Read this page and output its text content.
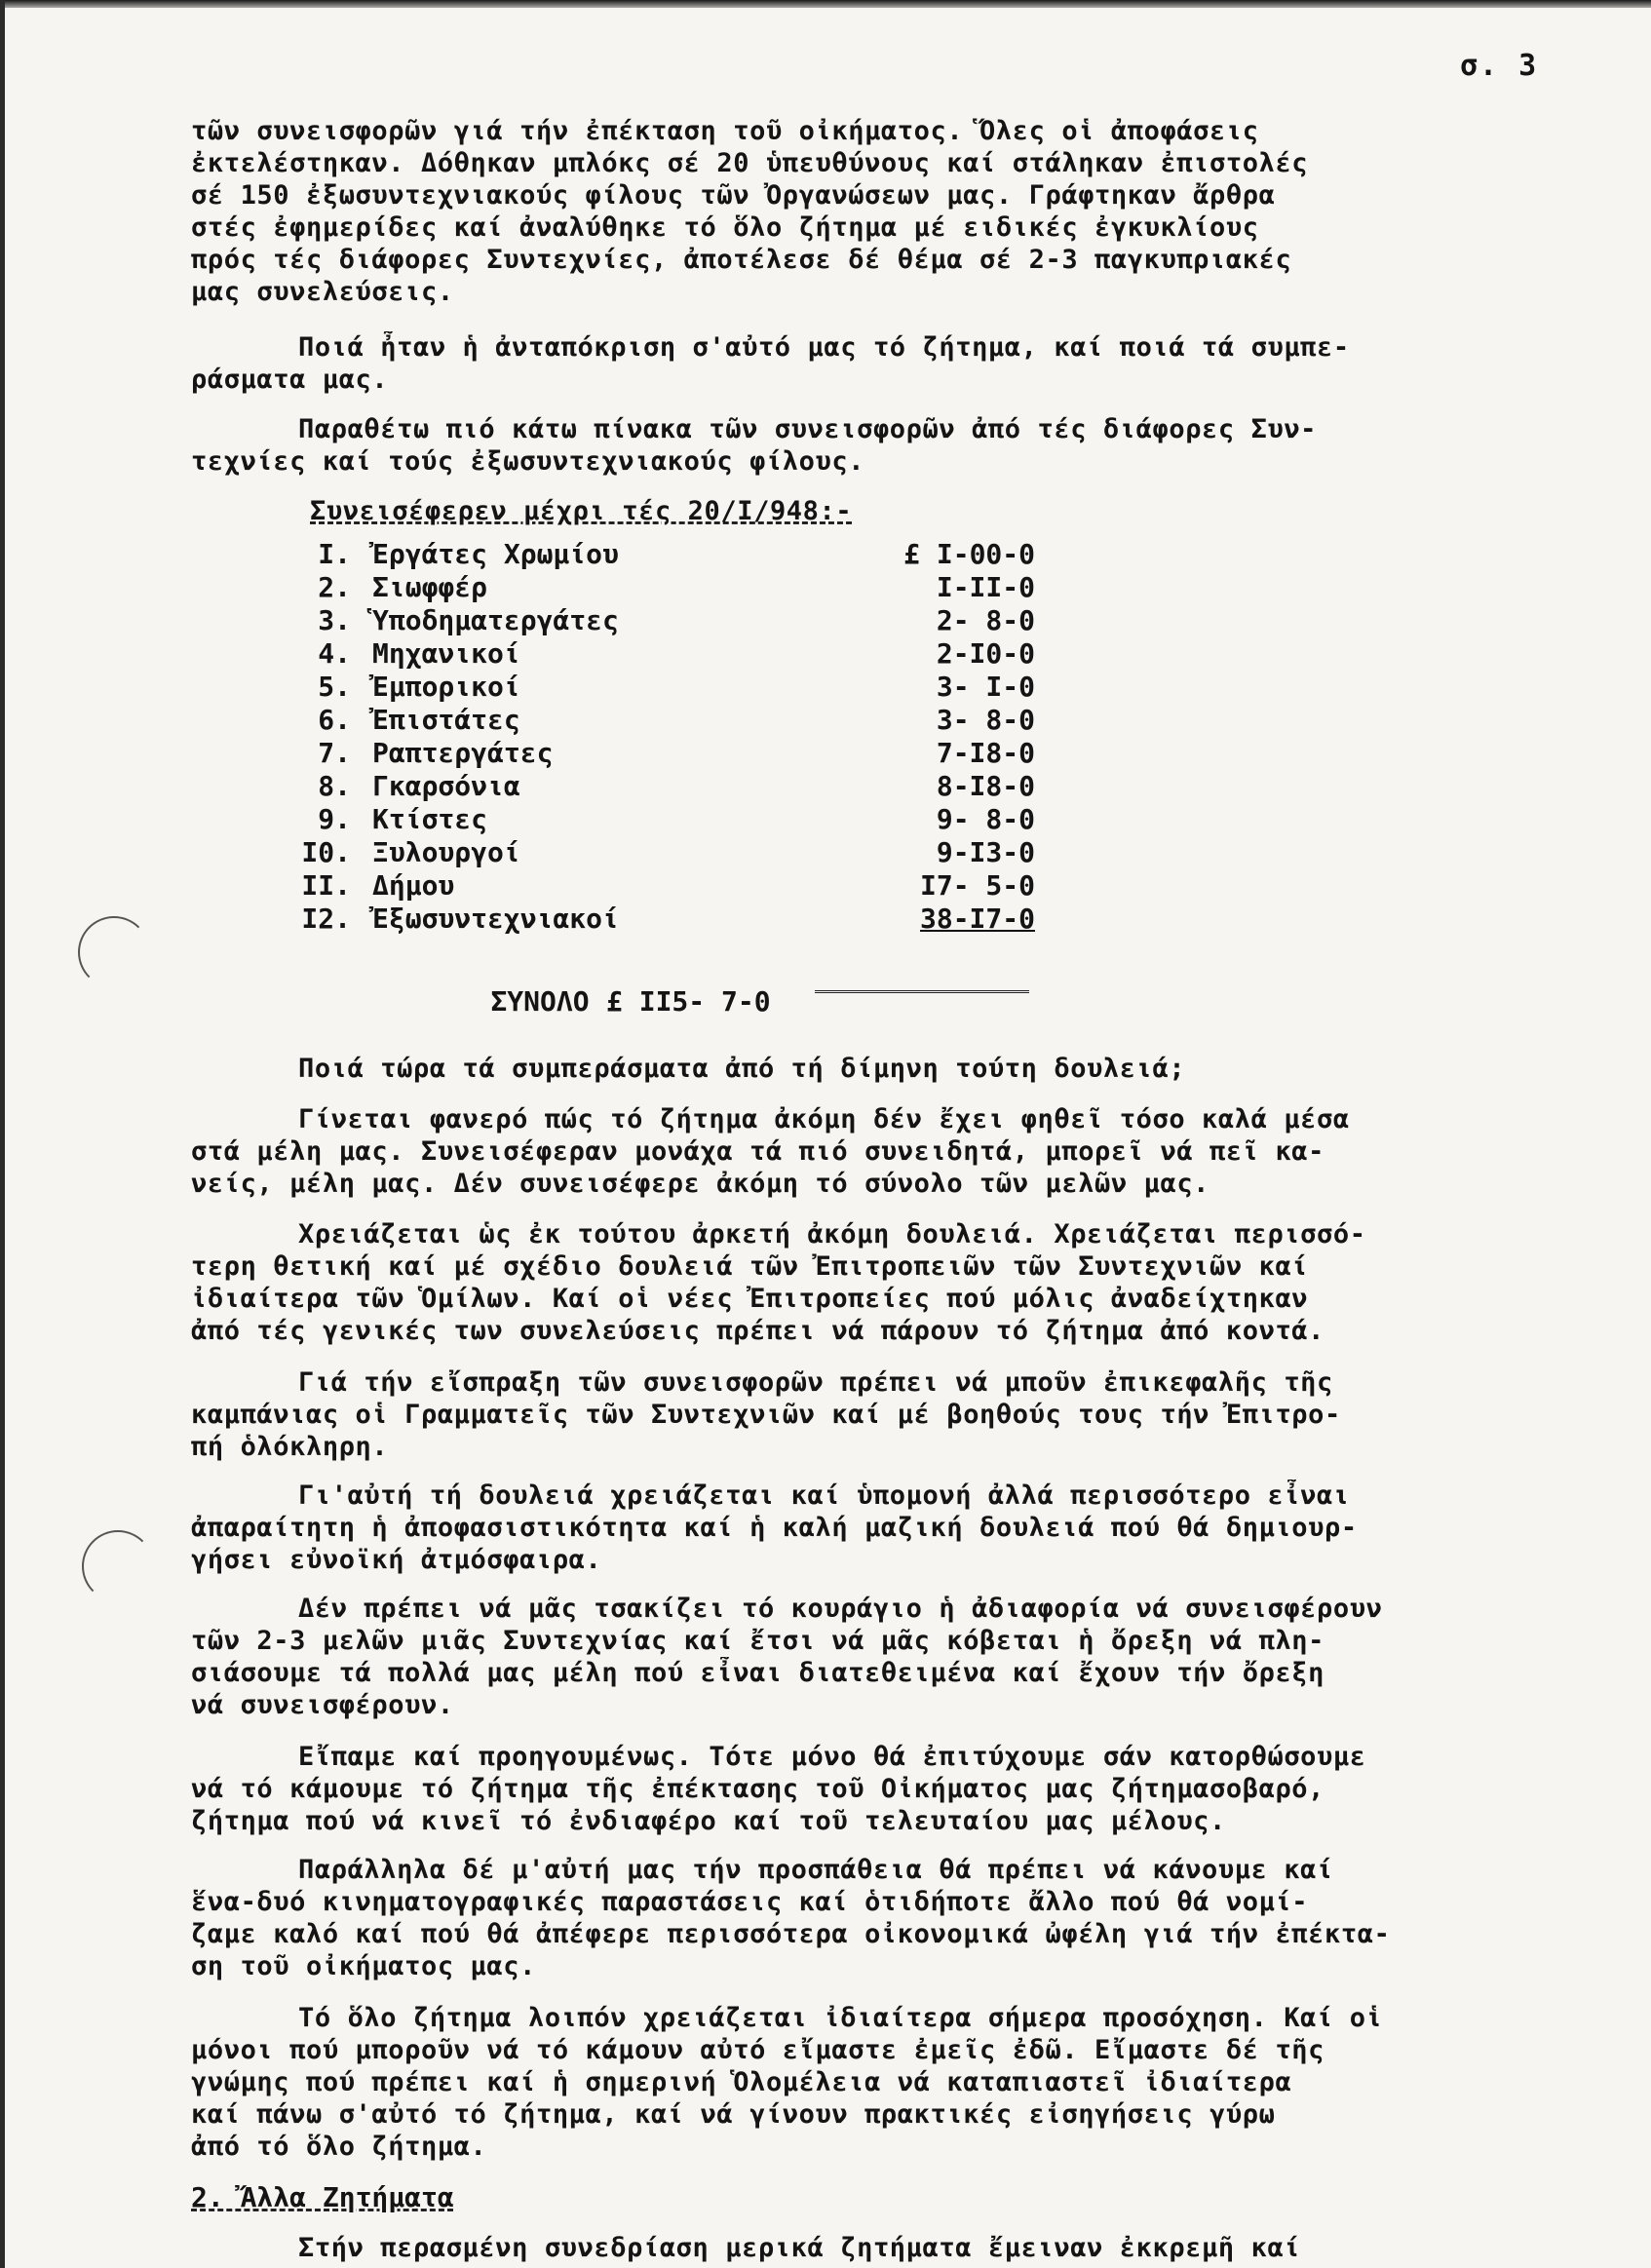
σ. 3
τῶν συνεισφορῶν γιά τήν ἐπέκταση τοῦ οἰκήματος. Ὅλες οἱ ἀποφάσεις
ἐκτελέστηκαν. Δόθηκαν μπλόκς σέ 20 ὑπευθύνους καί στάληκαν ἐπιστολές
σέ 150 ἐξωσυντεχνιακούς φίλους τῶν Ὀργανώσεων μας. Γράφτηκαν ἄρθρα
στές ἐφημερίδες καί ἀναλύθηκε τό ὅλο ζήτημα μέ ειδικές ἐγκυκλίους
πρός τές διάφορες Συντεχνίες, ἀποτέλεσε δέ θέμα σέ 2-3 παγκυπριακές
μας συνελεύσεις.
Ποιά ἦταν ἡ ἀνταπόκριση σ'αὐτό μας τό ζήτημα, καί ποιά τά συμπε-
ράσματα μας.
Παραθέτω πιό κάτω πίνακα τῶν συνεισφορῶν ἀπό τές διάφορες Συν-
τεχνίες καί τούς ἐξωσυντεχνιακούς φίλους.
Συνεισέφερεν μέχρι τές 20/I/948:-
I. Ἐργάτες Χρωμίου	£ I-00-0
2. Σιωφφέρ	I-II-0
3. Ὑποδηματεργάτες	2- 8-0
4. Μηχανικοί	2-I0-0
5. Ἐμπορικοί	3- I-0
6. Ἐπιστάτες	3- 8-0
7. Ραπτεργάτες	7-I8-0
8. Γκαρσόνια	8-I8-0
9. Κτίστες	9- 8-0
I0. Ξυλουργοί	9-I3-0
II. Δήμου	I7- 5-0
I2. Ἐξωσυντεχνιακοί	38-I7-0

ΣΥΝΟΛΟ £ II5- 7-0

Ποιά τώρα τά συμπεράσματα ἀπό τή δίμηνη τούτη δουλειά;
Γίνεται φανερό πώς τό ζήτημα ἀκόμη δέν ἔχει φηθεῖ τόσο καλά μέσα
στά μέλη μας. Συνεισέφεραν μονάχα τά πιό συνειδητά, μπορεῖ νά πεῖ κα-
νείς, μέλη μας. Δέν συνεισέφερε ἀκόμη τό σύνολο τῶν μελῶν μας.
Χρειάζεται ὡς ἐκ τούτου ἀρκετή ἀκόμη δουλειά. Χρειάζεται περισσό-
τερη θετική καί μέ σχέδιο δουλειά τῶν Ἐπιτροπειῶν τῶν Συντεχνιῶν καί
ἰδιαίτερα τῶν Ὁμίλων. Καί οἱ νέες Ἐπιτροπείες πού μόλις ἀναδείχτηκαν
ἀπό τές γενικές των συνελεύσεις πρέπει νά πάρουν τό ζήτημα ἀπό κοντά.
Γιά τήν εἴσπραξη τῶν συνεισφορῶν πρέπει νά μποῦν ἐπικεφαλῆς τῆς
καμπάνιας οἱ Γραμματεῖς τῶν Συντεχνιῶν καί μέ βοηθούς τους τήν Ἐπιτρο-
πή ὁλόκληρη.
Γι'αὐτή τή δουλειά χρειάζεται καί ὑπομονή ἀλλά περισσότερο εἶναι
ἀπαραίτητη ἡ ἀποφασιστικότητα καί ἡ καλή μαζική δουλειά πού θά δημιουρ-
γήσει εὐνοϊκή ἀτμόσφαιρα.
Δέν πρέπει νά μᾶς τσακίζει τό κουράγιο ἡ ἀδιαφορία νά συνεισφέρουν
τῶν 2-3 μελῶν μιᾶς Συντεχνίας καί ἔτσι νά μᾶς κόβεται ἡ ὄρεξη νά πλη-
σιάσουμε τά πολλά μας μέλη πού εἶναι διατεθειμένα καί ἔχουν τήν ὄρεξη
νά συνεισφέρουν.
Εἴπαμε καί προηγουμένως. Τότε μόνο θά ἐπιτύχουμε σάν κατορθώσουμε
νά τό κάμουμε τό ζήτημα τῆς ἐπέκτασης τοῦ Οἰκήματος μας ζήτημασοβαρό,
ζήτημα πού νά κινεῖ τό ἐνδιαφέρο καί τοῦ τελευταίου μας μέλους.
Παράλληλα δέ μ'αὐτή μας τήν προσπάθεια θά πρέπει νά κάνουμε καί
ἕνα-δυό κινηματογραφικές παραστάσεις καί ὁτιδήποτε ἄλλο πού θά νομί-
ζαμε καλό καί πού θά ἀπέφερε περισσότερα οἰκονομικά ὠφέλη γιά τήν ἐπέκτα-
ση τοῦ οἰκήματος μας.
Τό ὅλο ζήτημα λοιπόν χρειάζεται ἰδιαίτερα σήμερα προσόχηση. Καί οἱ
μόνοι πού μποροῦν νά τό κάμουν αὐτό εἴμαστε ἐμεῖς ἐδῶ. Εἴμαστε δέ τῆς
γνώμης πού πρέπει καί ἡ σημερινή Ὁλομέλεια νά καταπιαστεῖ ἰδιαίτερα
καί πάνω σ'αὐτό τό ζήτημα, καί νά γίνουν πρακτικές εἰσηγήσεις γύρω
ἀπό τό ὅλο ζήτημα.
2. Ἄλλα Ζητήματα
Στήν περασμένη συνεδρίαση μερικά ζητήματα ἔμειναν ἐκκρεμῆ καί
